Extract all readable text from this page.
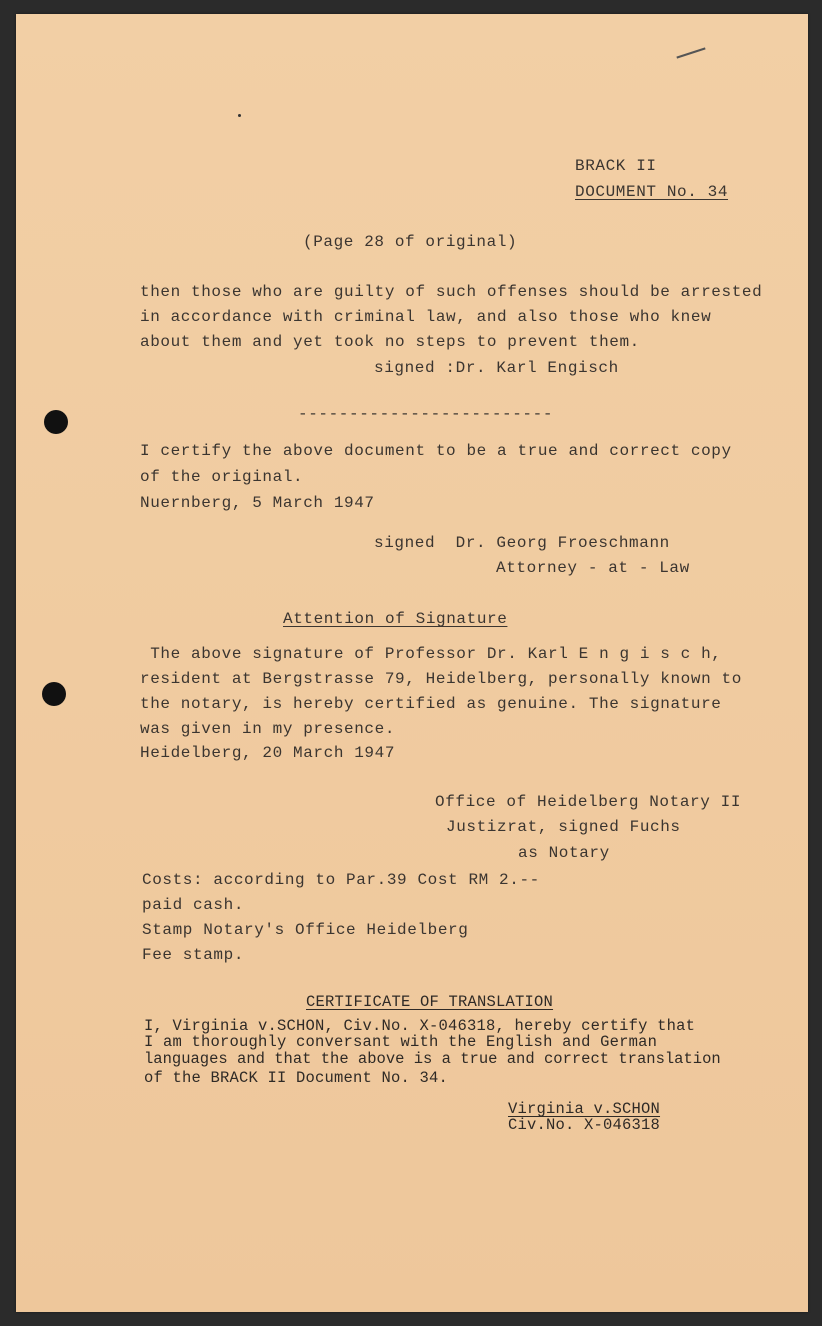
BRACK II
DOCUMENT No. 34
(Page 28 of original)
then those who are guilty of such offenses should be arrested
in accordance with criminal law, and also those who knew
about them and yet took no steps to prevent them.
signed :Dr. Karl Engisch
-------------------------
I certify the above document to be a true and correct copy
of the original.
Nuernberg, 5 March 1947
signed  Dr. Georg Froeschmann
Attorney - at - Law
Attention of Signature
The above signature of Professor Dr. Karl E n g i s c h,
resident at Bergstrasse 79, Heidelberg, personally known to
the notary, is hereby certified as genuine. The signature
was given in my presence.
Heidelberg, 20 March 1947
Office of Heidelberg Notary II
Justizrat, signed Fuchs
as Notary
Costs: according to Par.39 Cost RM 2.--
paid cash.
Stamp Notary's Office Heidelberg
Fee stamp.
CERTIFICATE OF TRANSLATION
I, Virginia v.SCHON, Civ.No. X-046318, hereby certify that
I am thoroughly conversant with the English and German
languages and that the above is a true and correct translation
of the BRACK II Document No. 34.
Virginia v.SCHON
Civ.No. X-046318
